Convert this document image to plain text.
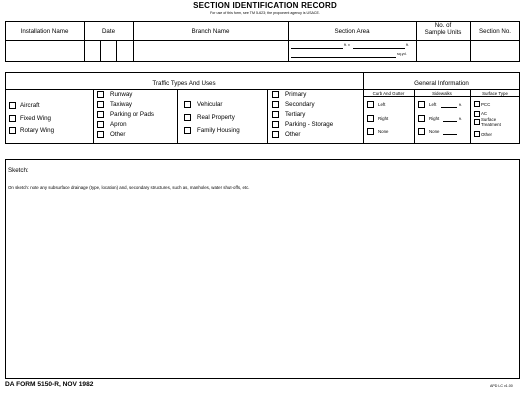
SECTION IDENTIFICATION RECORD
For use of this form, see TM 5-623; the proponent agency is USACE.
Installation Name	Date	Branch Name	Section Area
No. of
Sample Units	Section No.
ft. x	ft.
sq.yd.
Traffic Types And Uses	General Information
Curb And Gutter	Sidewalks	Surface Type
Aircraft
Fixed Wing
Rotary Wing
Runway
Taxiway
Parking or Pads
Apron
Other
Vehicular
Real Property
Family Housing
Primary
Secondary
Tertiary
Parking - Storage
Other
Left
Right
None
Left	ft.
Right	ft.
None
PCC
AC
Surface
Treatment
Other
Sketch:
On sketch: note any subsurface drainage (type, location) and, secondary structures, such as, manholes, water shut-offs, etc.
DA FORM 5150-R, NOV 1982	APD LC v1.00
